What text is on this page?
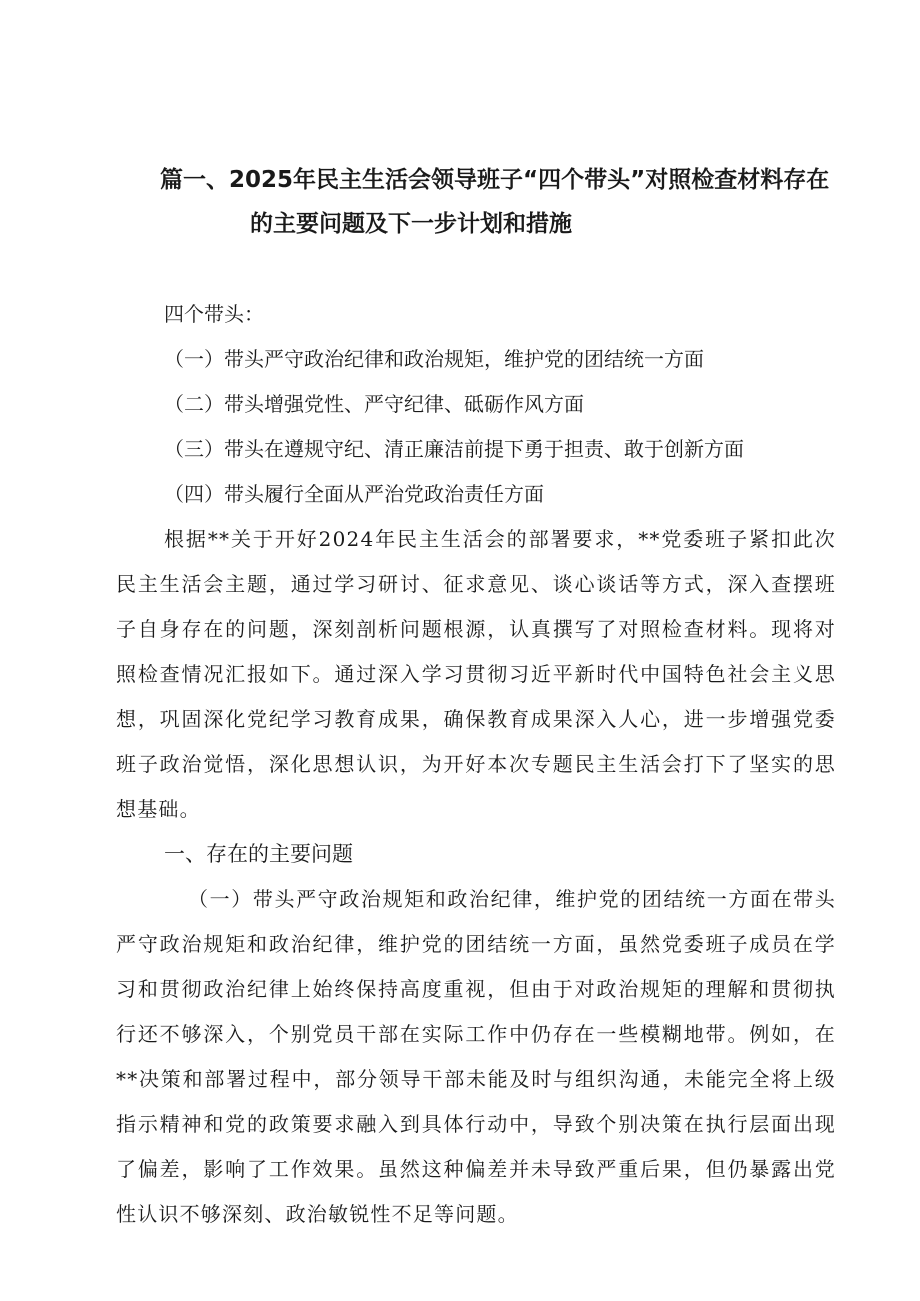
篇一、2025年民主生活会领导班子“四个带头”对照检查材料存在
的主要问题及下一步计划和措施
四个带头：
（一）带头严守政治纪律和政治规矩，维护党的团结统一方面
（二）带头增强党性、严守纪律、砥砺作风方面
（三）带头在遵规守纪、清正廉洁前提下勇于担责、敢于创新方面
（四）带头履行全面从严治党政治责任方面
根据**关于开好2024年民主生活会的部署要求，**党委班子紧扣此次民主生活会主题，通过学习研讨、征求意见、谈心谈话等方式，深入查摆班子自身存在的问题，深刻剖析问题根源，认真撰写了对照检查材料。现将对照检查情况汇报如下。通过深入学习贯彻习近平新时代中国特色社会主义思想，巩固深化党纪学习教育成果，确保教育成果深入人心，进一步增强党委班子政治觉悟，深化思想认识，为开好本次专题民主生活会打下了坚实的思想基础。
一、存在的主要问题
（一）带头严守政治规矩和政治纪律，维护党的团结统一方面在带头严守政治规矩和政治纪律，维护党的团结统一方面，虽然党委班子成员在学习和贯彻政治纪律上始终保持高度重视，但由于对政治规矩的理解和贯彻执行还不够深入，个别党员干部在实际工作中仍存在一些模糊地带。例如，在**决策和部署过程中，部分领导干部未能及时与组织沟通，未能完全将上级指示精神和党的政策要求融入到具体行动中，导致个别决策在执行层面出现了偏差，影响了工作效果。虽然这种偏差并未导致严重后果，但仍暴露出党性认识不够深刻、政治敏锐性不足等问题。
